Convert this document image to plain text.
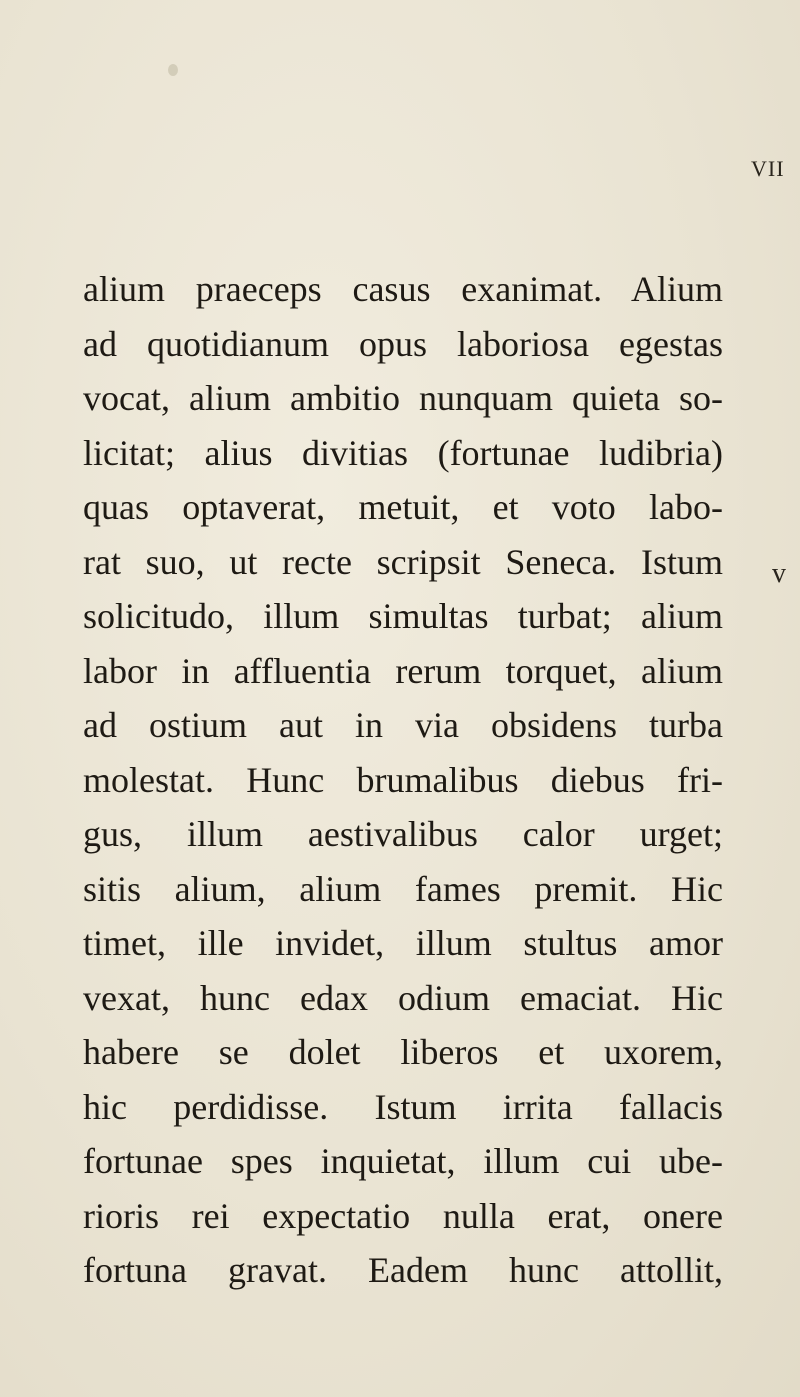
VII
alium praeceps casus exanimat. Alium
ad quotidianum opus laboriosa egestas
vocat, alium ambitio nunquam quieta so-
licitat; alius divitias (fortunae ludibria)
quas optaverat, metuit, et voto labo-
rat suo, ut recte scripsit Seneca. Istum
solicitudo, illum simultas turbat; alium
labor in affluentia rerum torquet, alium
ad ostium aut in via obsidens turba
molestat. Hunc brumalibus diebus fri-
gus, illum aestivalibus calor urget;
sitis alium, alium fames premit. Hic
timet, ille invidet, illum stultus amor
vexat, hunc edax odium emaciat. Hic
habere se dolet liberos et uxorem,
hic perdidisse. Istum irrita fallacis
fortunae spes inquietat, illum cui ube-
rioris rei expectatio nulla erat, onere
fortuna gravat. Eadem hunc attollit,
v
